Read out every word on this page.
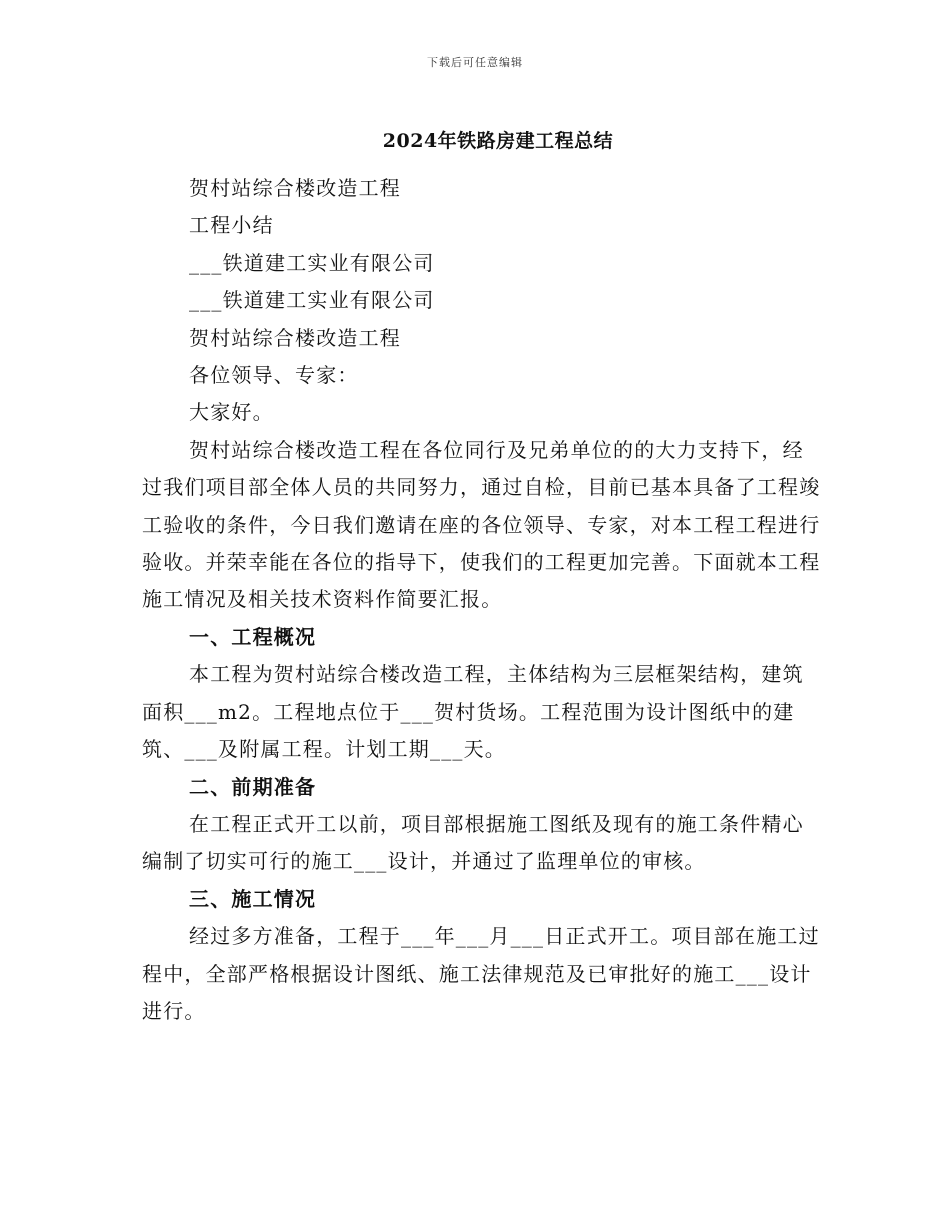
下载后可任意编辑
2024年铁路房建工程总结

贺村站综合楼改造工程

工程小结

___铁道建工实业有限公司

___铁道建工实业有限公司

贺村站综合楼改造工程

各位领导、专家：

大家好。

贺村站综合楼改造工程在各位同行及兄弟单位的的大力支持下，经过我们项目部全体人员的共同努力，通过自检，目前已基本具备了工程竣工验收的条件，今日我们邀请在座的各位领导、专家，对本工程工程进行验收。并荣幸能在各位的指导下，使我们的工程更加完善。下面就本工程施工情况及相关技术资料作简要汇报。

一、工程概况

本工程为贺村站综合楼改造工程，主体结构为三层框架结构，建筑面积___m2。工程地点位于___贺村货场。工程范围为设计图纸中的建筑、___及附属工程。计划工期___天。

二、前期准备

在工程正式开工以前，项目部根据施工图纸及现有的施工条件精心编制了切实可行的施工___设计，并通过了监理单位的审核。

三、施工情况

经过多方准备，工程于___年___月___日正式开工。项目部在施工过程中，全部严格根据设计图纸、施工法律规范及已审批好的施工___设计进行。
